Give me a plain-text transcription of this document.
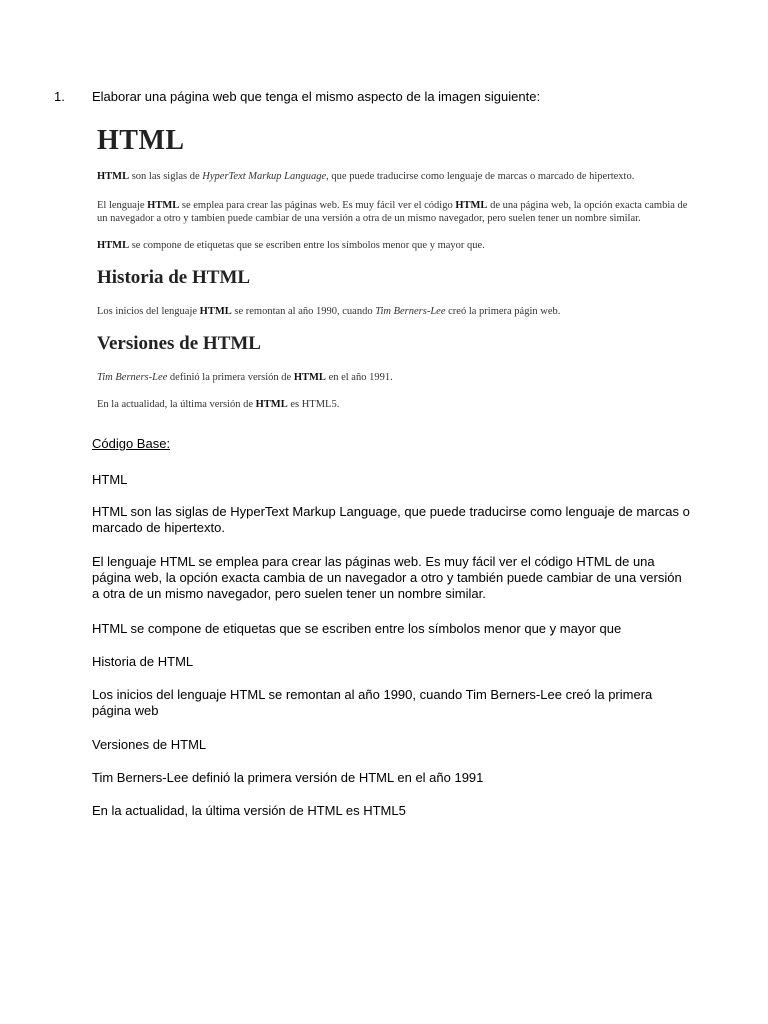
1. Elaborar una página web que tenga el mismo aspecto de la imagen siguiente:
HTML

HTML son las siglas de HyperText Markup Language, que puede traducirse como lenguaje de marcas o marcado de hipertexto.

El lenguaje HTML se emplea para crear las páginas web. Es muy fácil ver el código HTML de una página web, la opción exacta cambia de un navegador a otro y tambien puede cambiar de una versión a otra de un mismo navegador, pero suelen tener un nombre similar.

HTML se compone de etiquetas que se escriben entre los símbolos menor que y mayor que.

Historia de HTML

Los inicios del lenguaje HTML se remontan al año 1990, cuando Tim Berners-Lee creó la primera págin web.

Versiones de HTML

Tim Berners-Lee definió la primera versión de HTML en el año 1991.

En la actualidad, la última versión de HTML es HTML5.

Código Base:

HTML

HTML son las siglas de HyperText Markup Language, que puede traducirse como lenguaje de marcas o marcado de hipertexto.

El lenguaje HTML se emplea para crear las páginas web. Es muy fácil ver el código HTML de una página web, la opción exacta cambia de un navegador a otro y también puede cambiar de una versión a otra de un mismo navegador, pero suelen tener un nombre similar.

HTML se compone de etiquetas que se escriben entre los símbolos menor que y mayor que

Historia de HTML

Los inicios del lenguaje HTML se remontan al año 1990, cuando Tim Berners-Lee creó la primera página web

Versiones de HTML

Tim Berners-Lee definió la primera versión de HTML en el año 1991

En la actualidad, la última versión de HTML es HTML5
